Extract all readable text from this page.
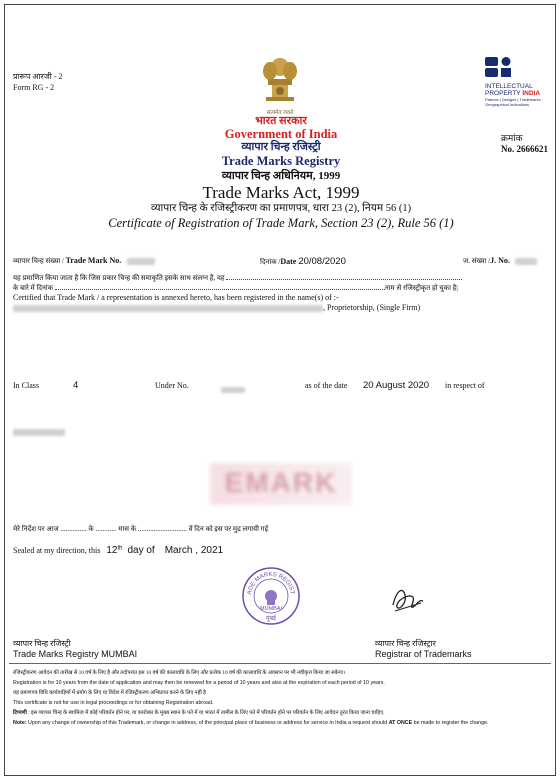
प्रारूप आरजी - 2
Form RG - 2
सत्यमेव जयते
INTELLECTUAL
PROPERTY INDIA
Patents | Designs | Trademarks
Geographical Indications
भारत सरकार
Government of India
व्यापार चिन्ह रजिस्ट्री
Trade Marks Registry
व्यापार चिन्ह अधिनियम, 1999
Trade Marks Act, 1999
व्यापार चिन्ह के रजिस्ट्रीकरण का प्रमाणपत्र, धारा 23 (2), नियम 56 (1)
Certificate of Registration of Trade Mark, Section 23 (2), Rule 56 (1)
क्रमांक
No. 2666621
व्यापार चिन्ह संख्या / Trade Mark No.	दिनांक /Date 20/08/2020	ज. संख्या /J. No.
यह प्रमाणित किया जाता है कि जिस प्रकार चिन्ह की समाकृति इसके साथ संलग्न है, वह
के बारे में दिनांक	नाम से रजिस्ट्रीकृत हो चुका है|
Certified that Trade Mark / a representation is annexed hereto, has been registered in the name(s) of :-
, Proprietorship, (Single Firm)
In Class	4	Under No.	as of the date 20 August 2020 in respect of
EMARK
मेरे निर्देश पर आज ............... के ............ मास के ............................ वें दिन को इस पर मुद्र लगायी गई
Sealed at my direction, this 12th day of March , 2021
ADE MARKS REGIST
MUMBAI
मुंबई
व्यापार चिन्ह रजिस्ट्री
Trade Marks Registry MUMBAI
व्यापार चिन्ह रजिस्ट्रार
Registrar of Trademarks
रजिस्ट्रीकरण आवेदन की तारीख से 10 वर्ष के लिए है और तदोपरांत इस 10 वर्ष की कालावधि के लिए और प्रत्येक 10 वर्ष की कालावधि के अवसान पर भी नवीकृत्त किया जा सकेगा।
Registration is for 10 years from the date of application and may then be renewed for a period of 10 years and also at the expiration of each period of 10 years.
यह प्रमाणपत्र विधि कार्यवाहियों में प्रयोग के लिए या विदेश में रजिस्ट्रीकरण अभिप्राप्त करने के लिए नहीं है
This certificate is not for use in legal proceedings or for obtaining Registration abroad.
टिप्पणी : इस व्यापार चिन्ह के स्वामित्व में कोई परिवर्तन होने पर, या कारोबार के मुख्य स्थान के पते में या भारत में तामील के लिए पते में परिवर्तन होने पर परिवर्तन के लिए आवेदन तुरंत किया जाना चाहिए.
Note: Upon any change of ownership of this Trademark, or change in address, of the principal place of business or address for service in India a request should AT ONCE be made to register the change.
